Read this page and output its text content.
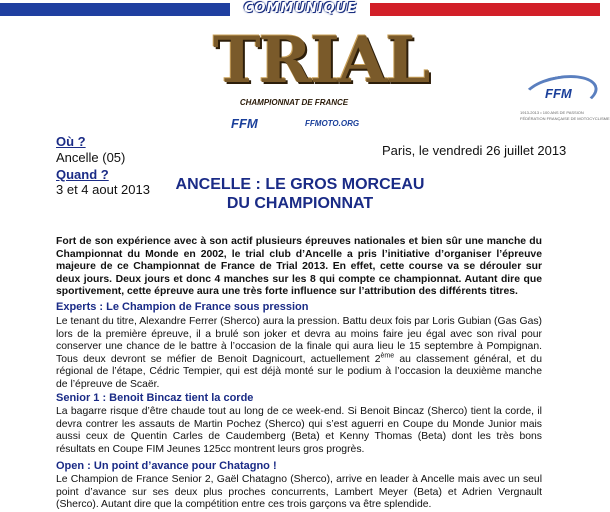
COMMUNIQUE
TRIAL
CHAMPIONNAT DE FRANCE
FFM	FFMOTO.ORG
FFM
1913-2013 • 100 ANS DE PASSION
FÉDÉRATION FRANÇAISE DE MOTOCYCLISME
Où ?
Ancelle (05)
Quand ?
3 et 4 aout 2013
Paris, le vendredi 26 juillet 2013
ANCELLE : LE GROS MORCEAU
DU CHAMPIONNAT
Fort de son expérience avec à son actif plusieurs épreuves nationales et bien sûr une manche du Championnat du Monde en 2002, le trial club d’Ancelle a pris l’initiative d’organiser l’épreuve majeure de ce Championnat de France de Trial 2013. En effet, cette course va se dérouler sur deux jours. Deux jours et donc 4 manches sur les 8 qui compte ce championnat. Autant dire que sportivement, cette épreuve aura une très forte influence sur l’attribution des différents titres.
Experts : Le Champion de France sous pression
Le tenant du titre, Alexandre Ferrer (Sherco) aura la pression. Battu deux fois par Loris Gubian (Gas Gas) lors de la première épreuve, il a brulé son joker et devra au moins faire jeu égal avec son rival pour conserver une chance de le battre à l’occasion de la finale qui aura lieu le 15 septembre à Pompignan. Tous deux devront se méfier de Benoit Dagnicourt, actuellement 2ème au classement général, et du régional de l’étape, Cédric Tempier, qui est déjà monté sur le podium à l’occasion la deuxième manche de l’épreuve de Scaër.
Senior 1 : Benoit Bincaz tient la corde
La bagarre risque d’être chaude tout au long de ce week-end. Si Benoit Bincaz (Sherco) tient la corde, il devra contrer les assauts de Martin Pochez (Sherco) qui s’est aguerri en Coupe du Monde Junior mais aussi ceux de Quentin Carles de Caudemberg (Beta) et Kenny Thomas (Beta) dont les très bons résultats en Coupe FIM Jeunes 125cc montrent leurs gros progrès.
Open : Un point d’avance pour Chatagno !
Le Champion de France Senior 2, Gaël Chatagno (Sherco), arrive en leader à Ancelle mais avec un seul point d’avance sur ses deux plus proches concurrents, Lambert Meyer (Beta) et Adrien Vergnault (Sherco). Autant dire que la compétition entre ces trois garçons va être splendide.
